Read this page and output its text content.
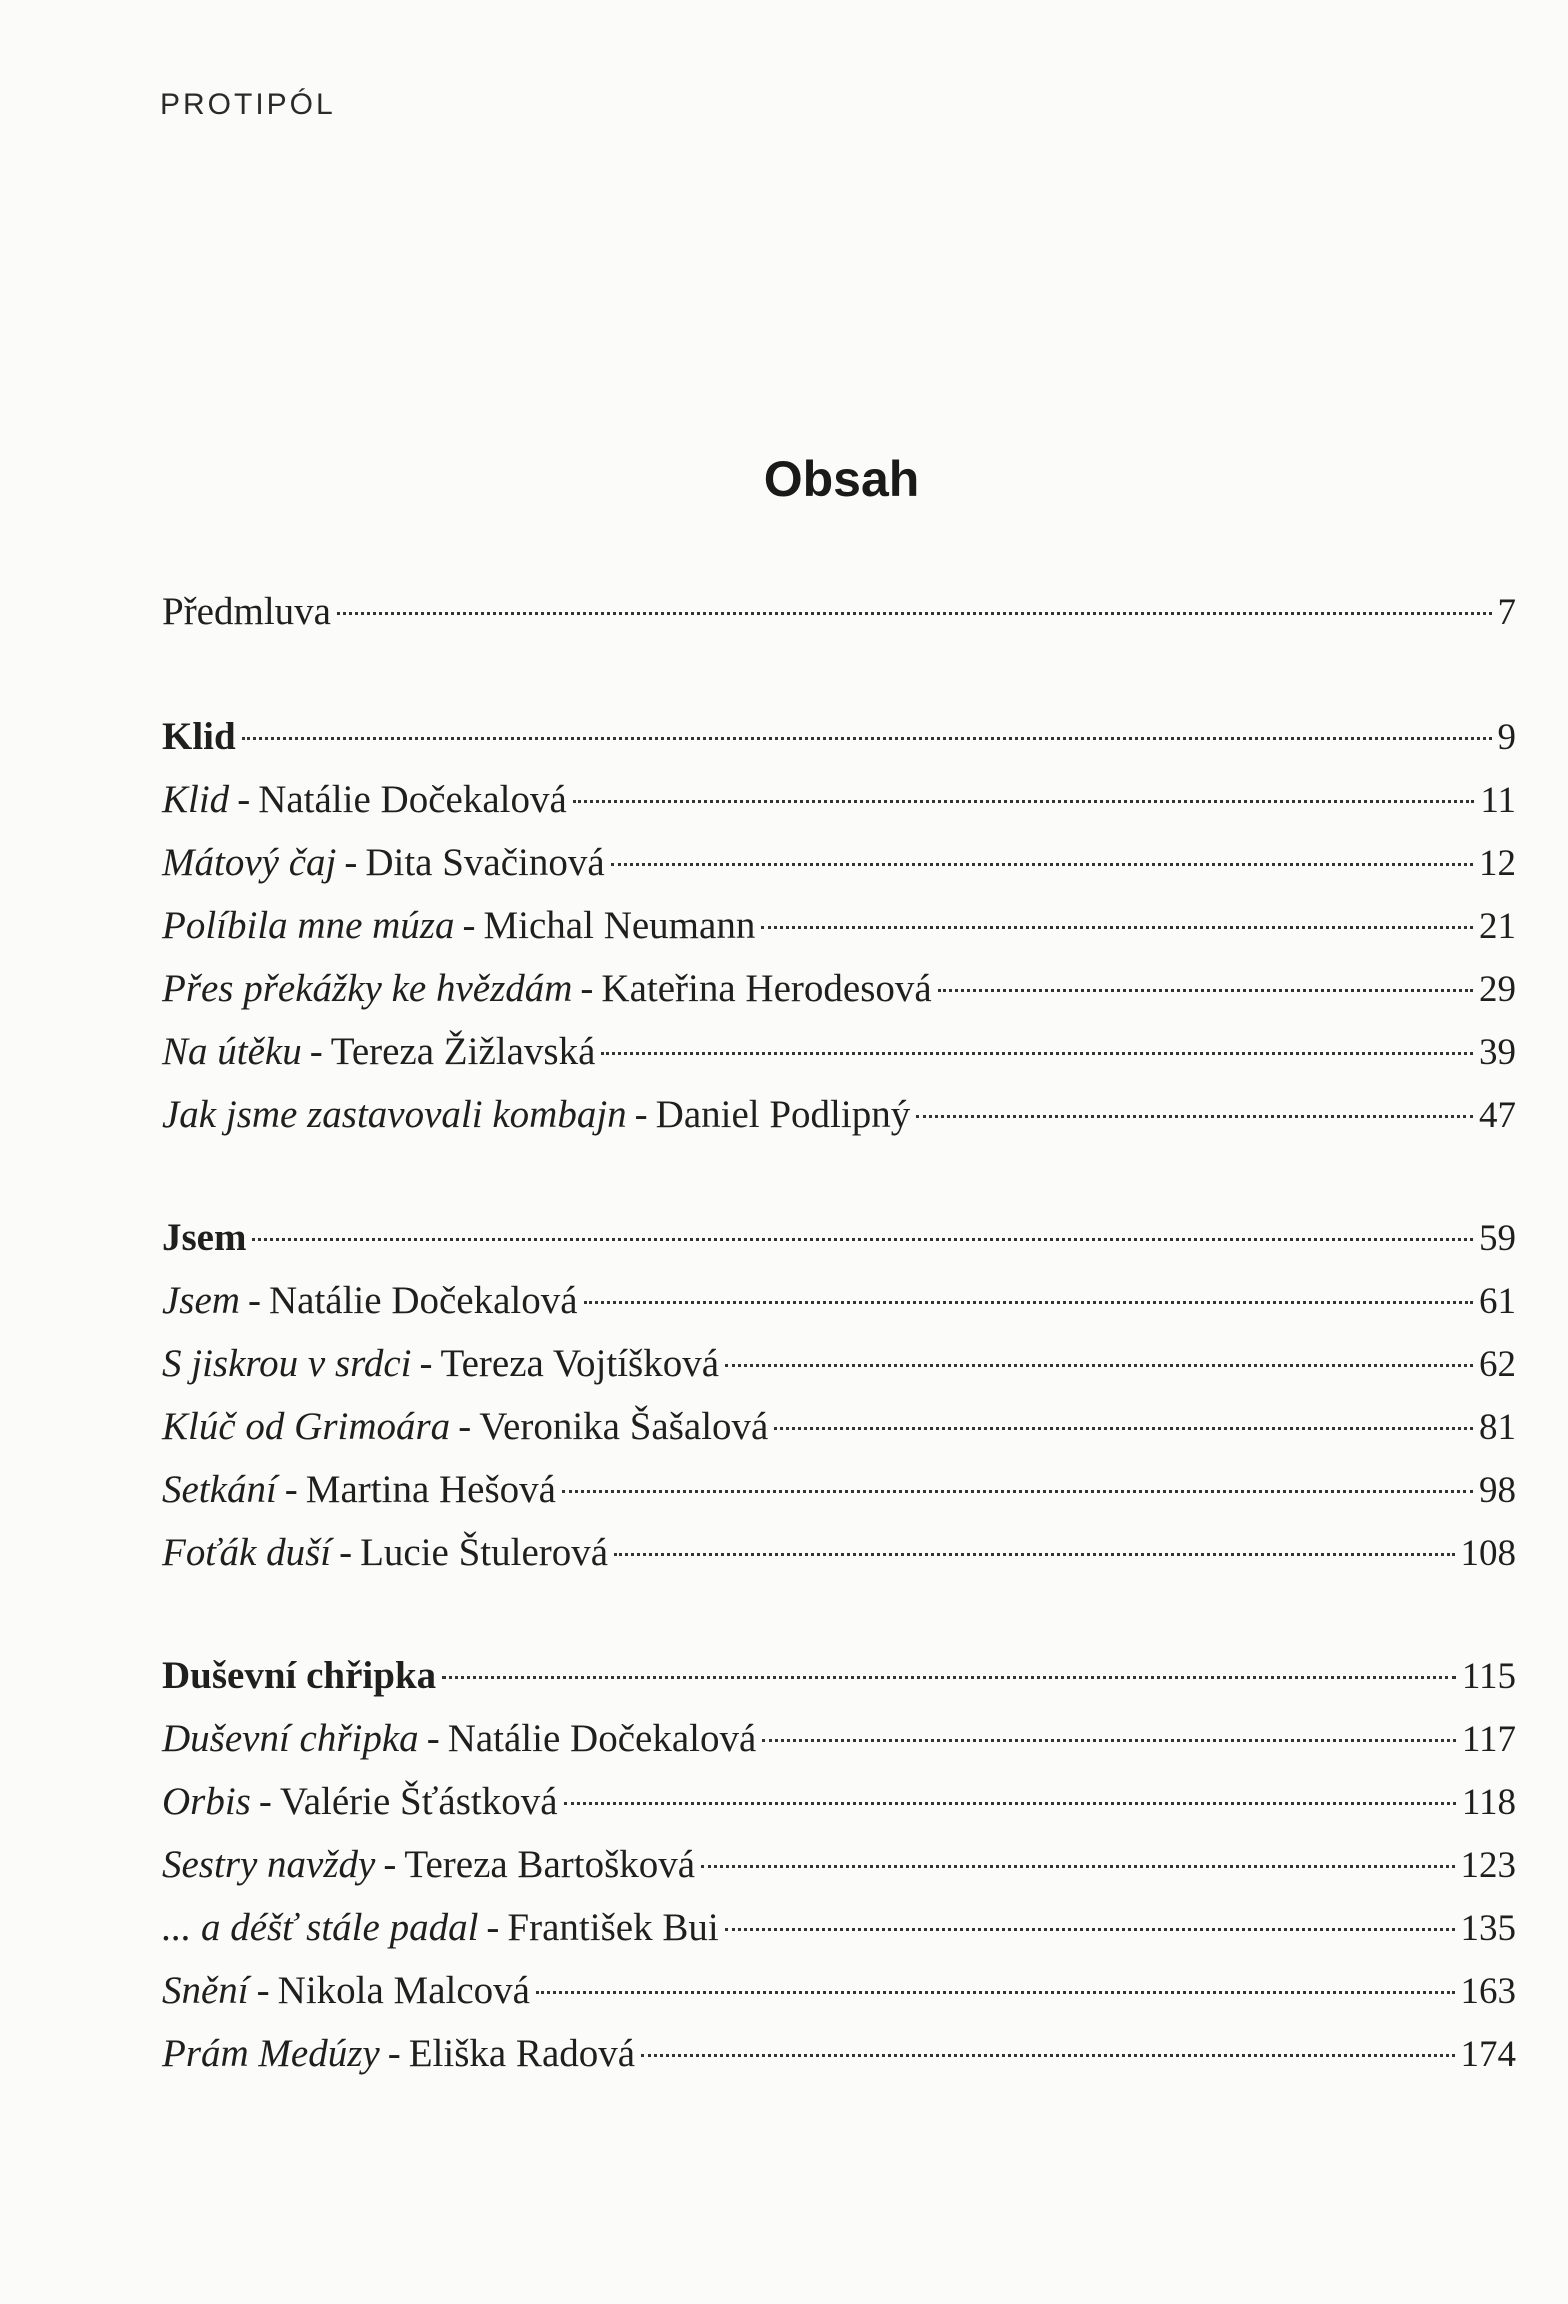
PROTIPÓL
Obsah
Předmluva	7
Klid	9
Klid - Natálie Dočekalová	11
Mátový čaj - Dita Svačinová	12
Políbila mne múza - Michal Neumann	21
Přes překážky ke hvězdám - Kateřina Herodesová	29
Na útěku - Tereza Žižlavská	39
Jak jsme zastavovali kombajn - Daniel Podlipný	47
Jsem	59
Jsem - Natálie Dočekalová	61
S jiskrou v srdci - Tereza Vojtíšková	62
Klúč od Grimoára - Veronika Šašalová	81
Setkání - Martina Hešová	98
Foťák duší - Lucie Štulerová	108
Duševní chřipka	115
Duševní chřipka - Natálie Dočekalová	117
Orbis - Valérie Šťástková	118
Sestry navždy - Tereza Bartošková	123
... a déšť stále padal - František Bui	135
Snění - Nikola Malcová	163
Prám Medúzy - Eliška Radová	174
